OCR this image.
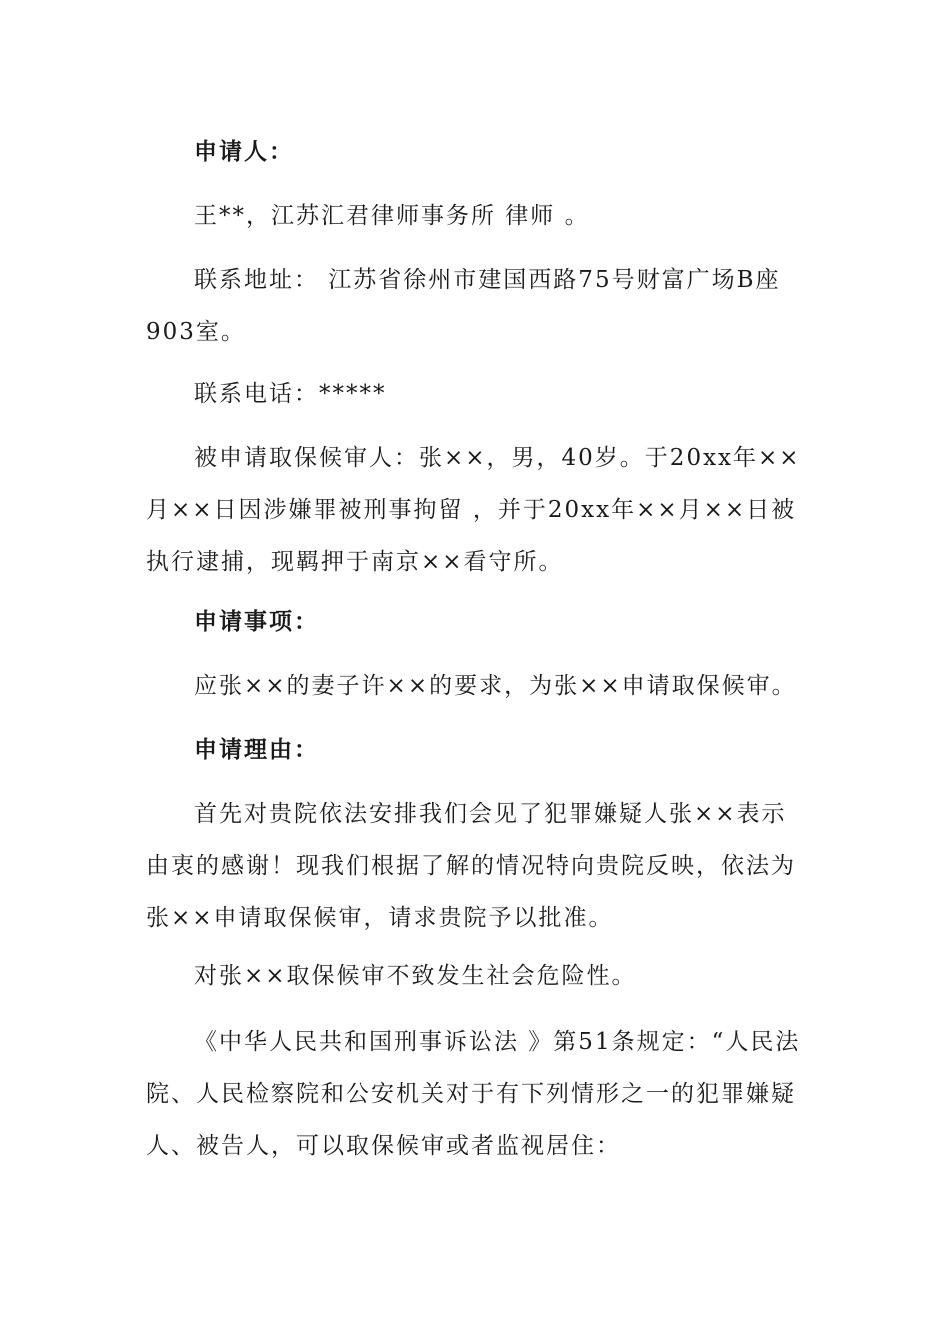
申请人：

王**，江苏汇君律师事务所 律师 。

联系地址： 江苏省徐州市建国西路75号财富广场B座903室。

联系电话：*****

被申请取保候审人：张××，男，40岁。于20xx年××月××日因涉嫌罪被刑事拘留 ，并于20xx年××月××日被执行逮捕，现羁押于南京××看守所。

申请事项：

应张××的妻子许××的要求，为张××申请取保候审。

申请理由：

首先对贵院依法安排我们会见了犯罪嫌疑人张××表示由衷的感谢！现我们根据了解的情况特向贵院反映，依法为张××申请取保候审，请求贵院予以批准。

对张××取保候审不致发生社会危险性。

《中华人民共和国刑事诉讼法 》第51条规定：“人民法院、人民检察院和公安机关对于有下列情形之一的犯罪嫌疑人、被告人，可以取保候审或者监视居住：
